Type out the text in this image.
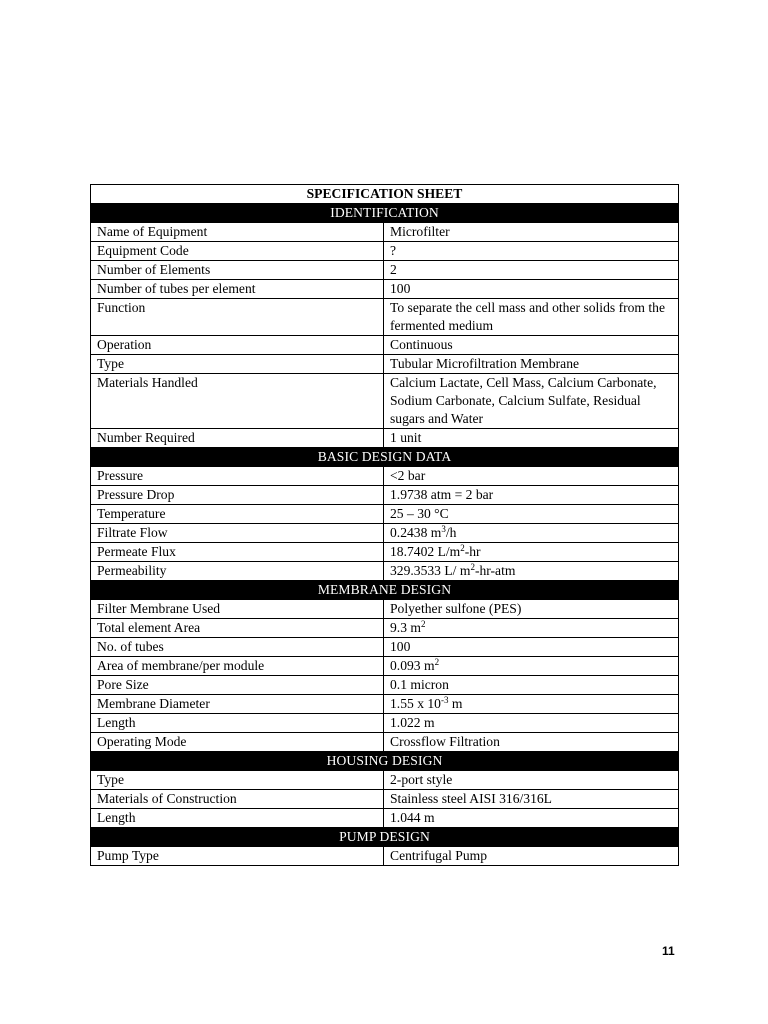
SPECIFICATION SHEET	
IDENTIFICATION	
Name of Equipment	Microfilter
Equipment Code	?
Number of Elements	2
Number of tubes per element	100
Function	To separate the cell mass and other solids from the fermented medium
Operation	Continuous
Type	Tubular Microfiltration Membrane
Materials Handled	Calcium Lactate, Cell Mass, Calcium Carbonate, Sodium Carbonate, Calcium Sulfate, Residual sugars and Water
Number Required	1 unit
BASIC DESIGN DATA	
Pressure	<2 bar
Pressure Drop	1.9738 atm = 2 bar
Temperature	25 – 30 °C
Filtrate Flow	0.2438 $m^3/h$
Permeate Flux	18.7402 $L/m^2-hr$
Permeability	329.3533 L/ $m^2-hr$-atm
MEMBRANE DESIGN	
Filter Membrane Used	Polyether sulfone (PES)
Total element Area	9.3 $m^2$
No. of tubes	100
Area of membrane/per module	0.093 $m^2$
Pore Size	0.1 micron
Membrane Diameter	1.55 x $10^{-3}$ m
Length	1.022 m
Operating Mode	Crossflow Filtration
HOUSING DESIGN	
Type	2-port style
Materials of Construction	Stainless steel AISI 316/316L
Length	1.044 m
PUMP DESIGN	
Pump Type	Centrifugal Pump
11
